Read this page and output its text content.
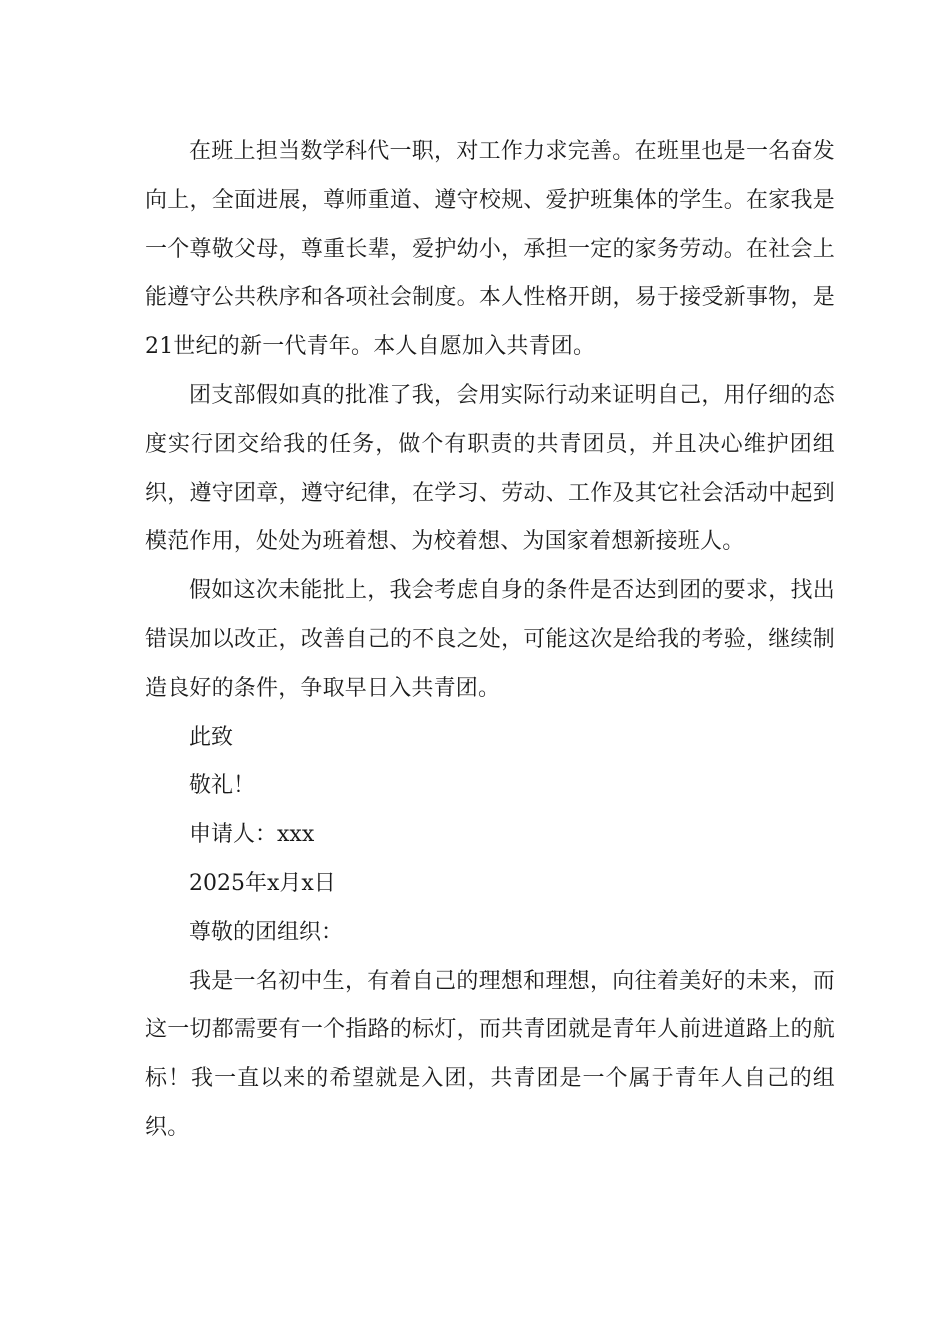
在班上担当数学科代一职，对工作力求完善。在班里也是一名奋发向上，全面进展，尊师重道、遵守校规、爱护班集体的学生。在家我是一个尊敬父母，尊重长辈，爱护幼小，承担一定的家务劳动。在社会上能遵守公共秩序和各项社会制度。本人性格开朗，易于接受新事物，是21世纪的新一代青年。本人自愿加入共青团。

团支部假如真的批准了我，会用实际行动来证明自己，用仔细的态度实行团交给我的任务，做个有职责的共青团员，并且决心维护团组织，遵守团章，遵守纪律，在学习、劳动、工作及其它社会活动中起到模范作用，处处为班着想、为校着想、为国家着想新接班人。

假如这次未能批上，我会考虑自身的条件是否达到团的要求，找出错误加以改正，改善自己的不良之处，可能这次是给我的考验，继续制造良好的条件，争取早日入共青团。

此致

敬礼！

申请人：xxx

2025年x月x日

尊敬的团组织：

我是一名初中生，有着自己的理想和理想，向往着美好的未来，而这一切都需要有一个指路的标灯，而共青团就是青年人前进道路上的航标！我一直以来的希望就是入团，共青团是一个属于青年人自己的组织。
